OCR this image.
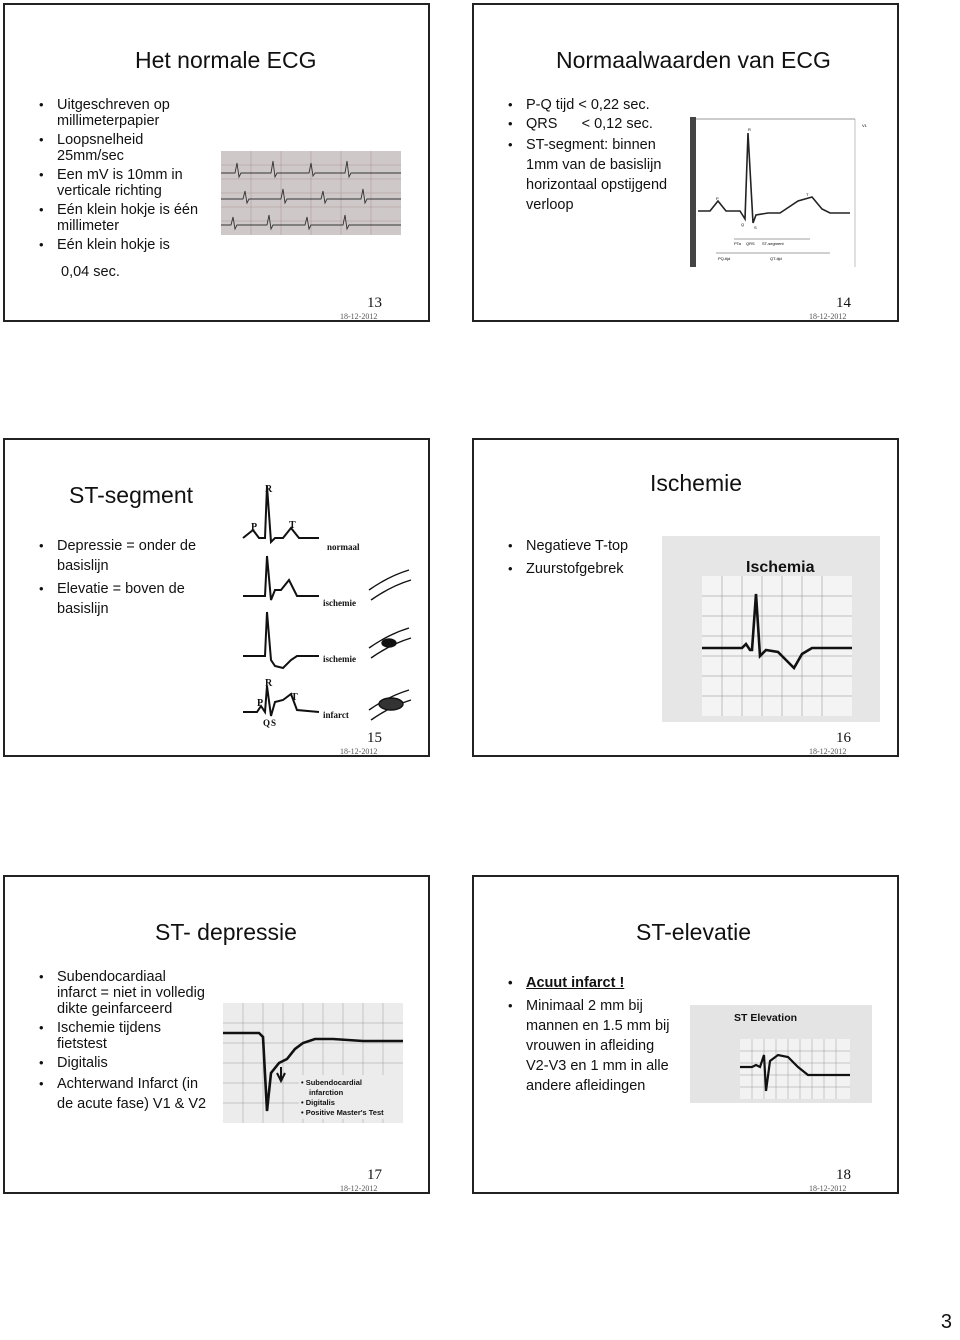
Het normale ECG
• Uitgeschreven op millimeterpapier
• Loopsnelheid 25mm/sec
• Een mV is 10mm in verticale richting
• Eén klein hokje is één millimeter
• Eén klein hokje is
0,04 sec.
13
18-12-2012
Normaalwaarden van ECG
• P-Q tijd < 0,22 sec.
• QRS      < 0,12 sec.
• ST-segment: binnen 1mm van de basislijn horizontaal opstijgend verloop
R
P
T
Q
S
PTa QRS ST-segment
PQ-tijd	QT-tijd
V1
14
18-12-2012
ST-segment
• Depressie = onder de basislijn
• Elevatie = boven de basislijn
R
P	T
normaal
ischemie
ischemie
R
P
T
Q S
infarct
15
18-12-2012
Ischemie
• Negatieve T-top
• Zuurstofgebrek	Ischemia
16
18-12-2012
ST- depressie
• Subendocardiaal infarct = niet in volledig dikte geinfarceerd
• Ischemie tijdens fietstest
• Digitalis
• Achterwand Infarct (in de acute fase) V1 & V2
• Subendocardial
infarction
• Digitalis
• Positive Master's Test
17
18-12-2012
ST-elevatie
• Acuut infarct !
• Minimaal 2 mm bij mannen en 1.5 mm bij vrouwen in afleiding V2-V3 en 1 mm in alle andere afleidingen
ST Elevation
18
18-12-2012
3
